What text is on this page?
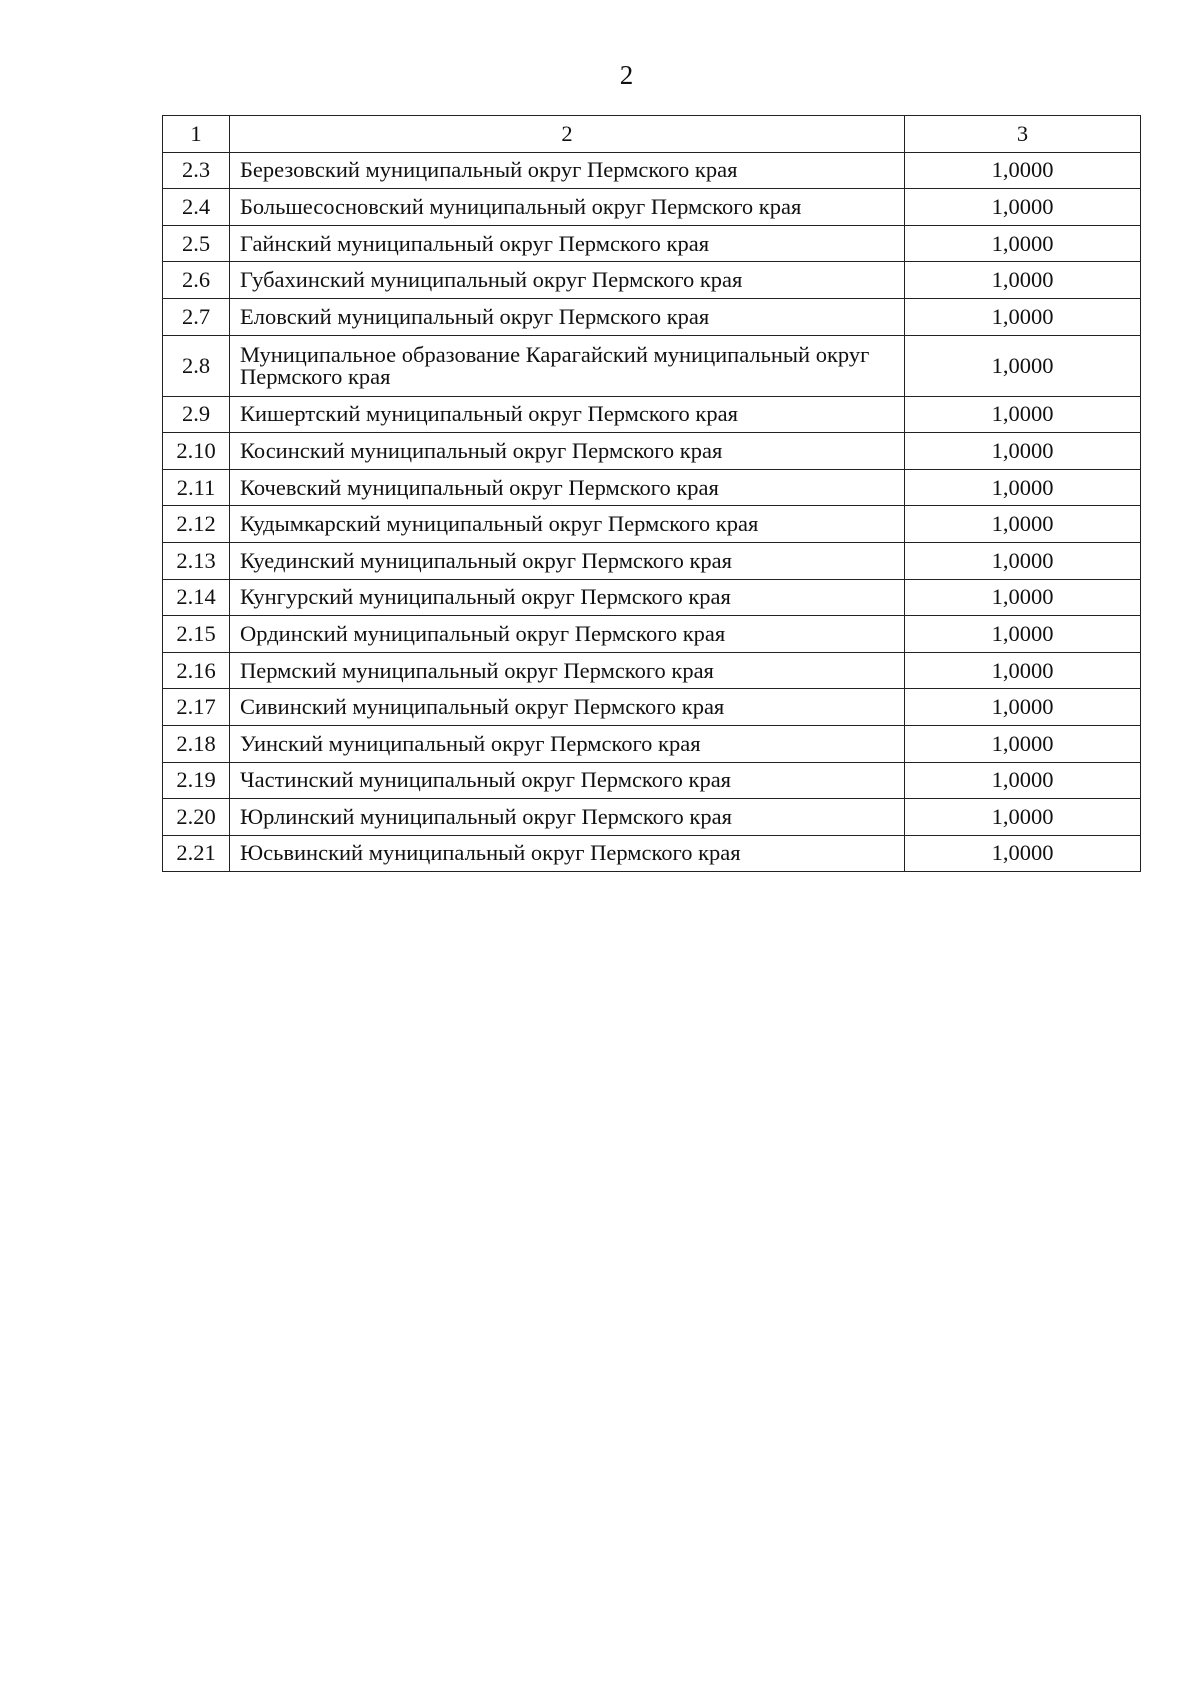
2
1	2	3
2.3	Березовский муниципальный округ Пермского края	1,0000
2.4	Большесосновский муниципальный округ Пермского края	1,0000
2.5	Гайнский муниципальный округ Пермского края	1,0000
2.6	Губахинский муниципальный округ Пермского края	1,0000
2.7	Еловский муниципальный округ Пермского края	1,0000
2.8	Муниципальное образование Карагайский муниципальный округ Пермского края	1,0000
2.9	Кишертский муниципальный округ Пермского края	1,0000
2.10	Косинский муниципальный округ Пермского края	1,0000
2.11	Кочевский муниципальный округ Пермского края	1,0000
2.12	Кудымкарский муниципальный округ Пермского края	1,0000
2.13	Куединский муниципальный округ Пермского края	1,0000
2.14	Кунгурский муниципальный округ Пермского края	1,0000
2.15	Ординский муниципальный округ Пермского края	1,0000
2.16	Пермский муниципальный округ Пермского края	1,0000
2.17	Сивинский муниципальный округ Пермского края	1,0000
2.18	Уинский муниципальный округ Пермского края	1,0000
2.19	Частинский муниципальный округ Пермского края	1,0000
2.20	Юрлинский муниципальный округ Пермского края	1,0000
2.21	Юсьвинский муниципальный округ Пермского края	1,0000
